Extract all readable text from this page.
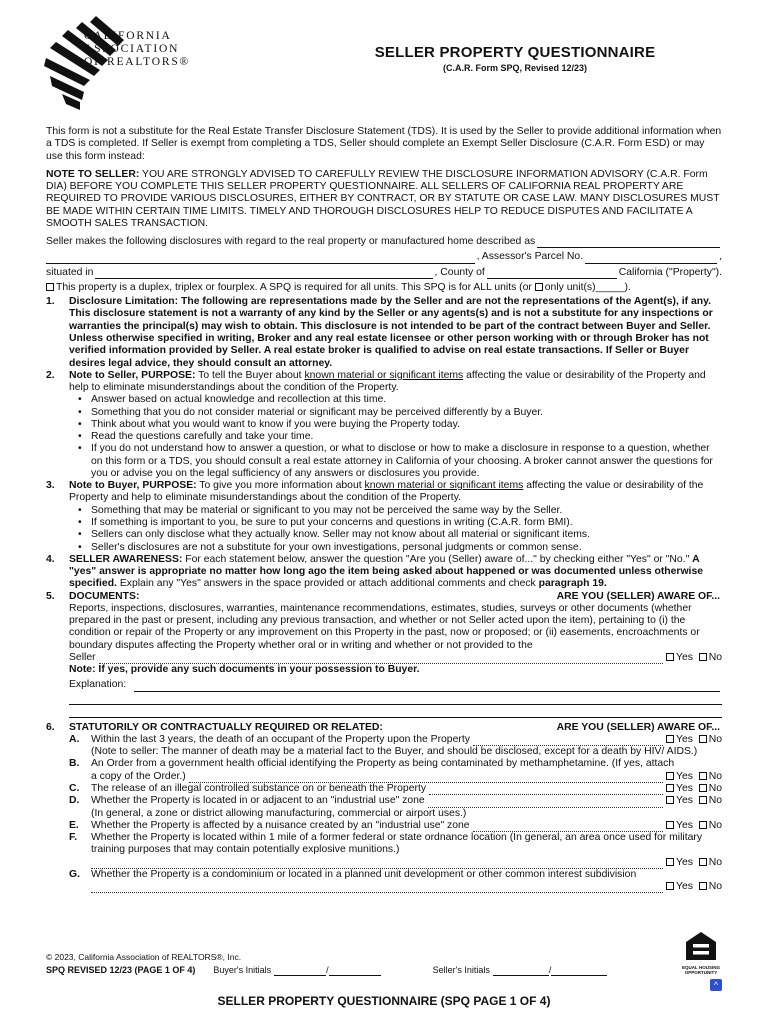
CALIFORNIA
ASSOCIATION
OF REALTORS®
SELLER PROPERTY QUESTIONNAIRE
(C.A.R. Form SPQ, Revised 12/23)

This form is not a substitute for the Real Estate Transfer Disclosure Statement (TDS). It is used by the Seller to provide additional information when a TDS is completed. If Seller is exempt from completing a TDS, Seller should complete an Exempt Seller Disclosure (C.A.R. Form ESD) or may use this form instead:

NOTE TO SELLER: YOU ARE STRONGLY ADVISED TO CAREFULLY REVIEW THE DISCLOSURE INFORMATION ADVISORY (C.A.R. Form DIA) BEFORE YOU COMPLETE THIS SELLER PROPERTY QUESTIONNAIRE. ALL SELLERS OF CALIFORNIA REAL PROPERTY ARE REQUIRED TO PROVIDE VARIOUS DISCLOSURES, EITHER BY CONTRACT, OR BY STATUTE OR CASE LAW. MANY DISCLOSURES MUST BE MADE WITHIN CERTAIN TIME LIMITS. TIMELY AND THOROUGH DISCLOSURES HELP TO REDUCE DISPUTES AND FACILITATE A SMOOTH SALES TRANSACTION.

Seller makes the following disclosures with regard to the real property or manufactured home described as
, Assessor's Parcel No.	,
situated in	, County of	California ("Property").
This property is a duplex, triplex or fourplex. A SPQ is required for all units. This SPQ is for ALL units (or only unit(s)_____).
1.	Disclosure Limitation: The following are representations made by the Seller and are not the representations of the Agent(s), if any. This disclosure statement is not a warranty of any kind by the Seller or any agents(s) and is not a substitute for any inspections or warranties the principal(s) may wish to obtain. This disclosure is not intended to be part of the contract between Buyer and Seller. Unless otherwise specified in writing, Broker and any real estate licensee or other person working with or through Broker has not verified information provided by Seller. A real estate broker is qualified to advise on real estate transactions. If Seller or Buyer desires legal advice, they should consult an attorney.
2.	Note to Seller, PURPOSE: To tell the Buyer about known material or significant items affecting the value or desirability of the Property and help to eliminate misunderstandings about the condition of the Property.
• Answer based on actual knowledge and recollection at this time.
• Something that you do not consider material or significant may be perceived differently by a Buyer.
• Think about what you would want to know if you were buying the Property today.
• Read the questions carefully and take your time.
• If you do not understand how to answer a question, or what to disclose or how to make a disclosure in response to a question, whether on this form or a TDS, you should consult a real estate attorney in California of your choosing. A broker cannot answer the questions for you or advise you on the legal sufficiency of any answers or disclosures you provide.
3.	Note to Buyer, PURPOSE: To give you more information about known material or significant items affecting the value or desirability of the Property and help to eliminate misunderstandings about the condition of the Property.
• Something that may be material or significant to you may not be perceived the same way by the Seller.
• If something is important to you, be sure to put your concerns and questions in writing (C.A.R. form BMI).
• Sellers can only disclose what they actually know. Seller may not know about all material or significant items.
• Seller's disclosures are not a substitute for your own investigations, personal judgments or common sense.
4.	SELLER AWARENESS: For each statement below, answer the question "Are you (Seller) aware of..." by checking either "Yes" or "No." A "yes" answer is appropriate no matter how long ago the item being asked about happened or was documented unless otherwise specified. Explain any "Yes" answers in the space provided or attach additional comments and check paragraph 19.
5.	DOCUMENTS:	ARE YOU (SELLER) AWARE OF...

Reports, inspections, disclosures, warranties, maintenance recommendations, estimates, studies, surveys or other documents (whether prepared in the past or present, including any previous transaction, and whether or not Seller acted upon the item), pertaining to (i) the condition or repair of the Property or any improvement on this Property in the past, now or proposed; or (ii) easements, encroachments or boundary disputes affecting the Property whether oral or in writing and whether or not provided to the

Seller	Yes No

Note: If yes, provide any such documents in your possession to Buyer.

Explanation:
6.	STATUTORILY OR CONTRACTUALLY REQUIRED OR RELATED:	ARE YOU (SELLER) AWARE OF...
A.	Within the last 3 years, the death of an occupant of the Property upon the Property	Yes No
(Note to seller: The manner of death may be a material fact to the Buyer, and should be disclosed, except for a death by HIV/ AIDS.)
B.	An Order from a government health official identifying the Property as being contaminated by methamphetamine. (If yes, attach
a copy of the Order.)	Yes No
C.	The release of an illegal controlled substance on or beneath the Property	Yes No
D.	Whether the Property is located in or adjacent to an "industrial use" zone	Yes No
(In general, a zone or district allowing manufacturing, commercial or airport uses.)
E.	Whether the Property is affected by a nuisance created by an "industrial use" zone	Yes No
F.	Whether the Property is located within 1 mile of a former federal or state ordnance location (In general, an area once used for military training purposes that may contain potentially explosive munitions.)
Yes No
G.	Whether the Property is a condominium or located in a planned unit development or other common interest subdivision
Yes No
EQUAL HOUSING OPPORTUNITY
^
© 2023, California Association of REALTORS®, Inc.
SPQ REVISED 12/23 (PAGE 1 OF 4) Buyer's Initials	/	Seller's Initials	/
SELLER PROPERTY QUESTIONNAIRE (SPQ PAGE 1 OF 4)
